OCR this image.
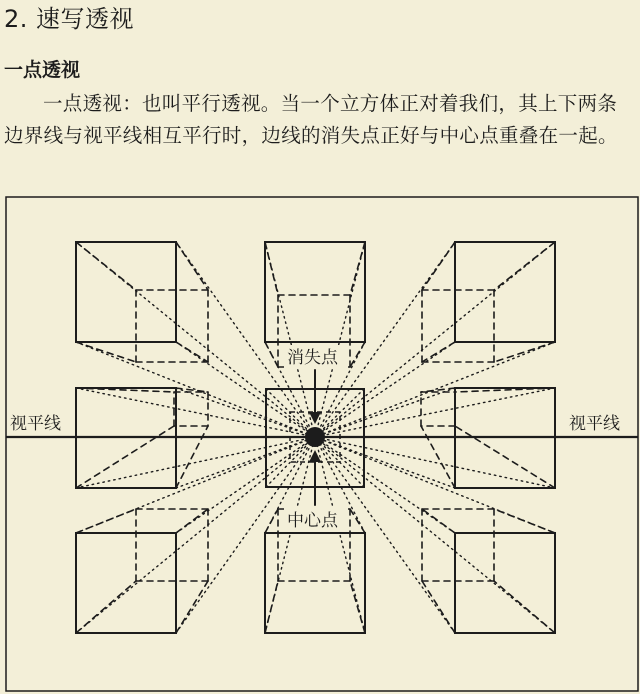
2. 速写透视
一点透视

一点透视：也叫平行透视。当一个立方体正对着我们，其上下两条边界线与视平线相互平行时，边线的消失点正好与中心点重叠在一起。

视平线	视平线
消失点
中心点
